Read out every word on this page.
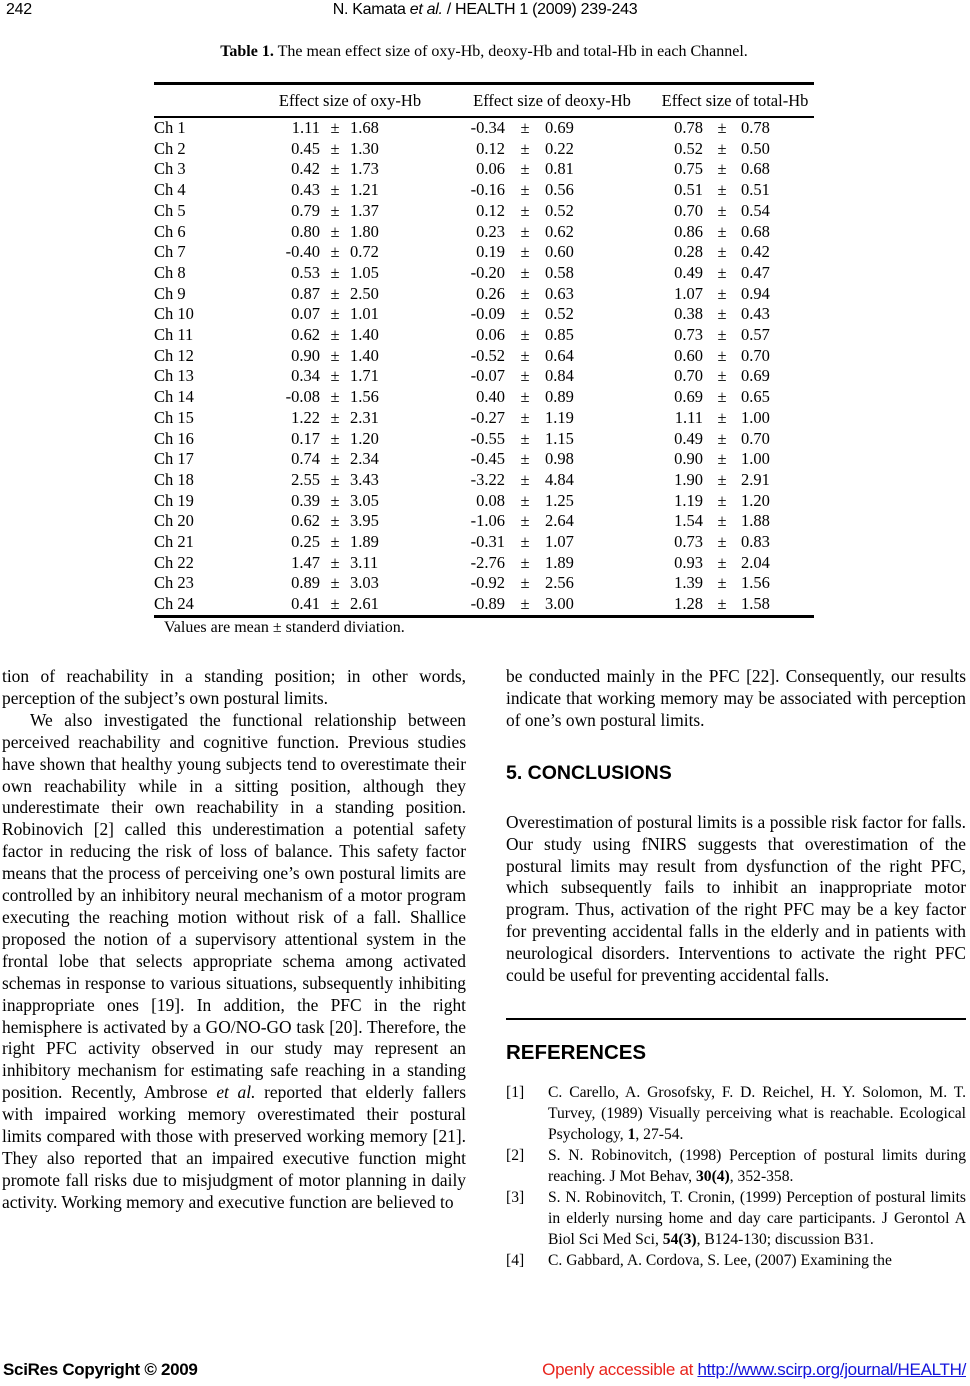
242	N. Kamata et al. / HEALTH 1 (2009) 239-243
Table 1. The mean effect size of oxy-Hb, deoxy-Hb and total-Hb in each Channel.
Effect size of oxy-Hb	Effect size of deoxy-Hb Effect size of total-Hb
Ch 1	1.11	±	1.68	-0.34	±	0.69	0.78	±	0.78
Ch 2	0.45	±	1.30	0.12	±	0.22	0.52	±	0.50
Ch 3	0.42	±	1.73	0.06	±	0.81	0.75	±	0.68
Ch 4	0.43	±	1.21	-0.16	±	0.56	0.51	±	0.51
Ch 5	0.79	±	1.37	0.12	±	0.52	0.70	±	0.54
Ch 6	0.80	±	1.80	0.23	±	0.62	0.86	±	0.68
Ch 7	-0.40	±	0.72	0.19	±	0.60	0.28	±	0.42
Ch 8	0.53	±	1.05	-0.20	±	0.58	0.49	±	0.47
Ch 9	0.87	±	2.50	0.26	±	0.63	1.07	±	0.94
Ch 10	0.07	±	1.01	-0.09	±	0.52	0.38	±	0.43
Ch 11	0.62	±	1.40	0.06	±	0.85	0.73	±	0.57
Ch 12	0.90	±	1.40	-0.52	±	0.64	0.60	±	0.70
Ch 13	0.34	±	1.71	-0.07	±	0.84	0.70	±	0.69
Ch 14	-0.08	±	1.56	0.40	±	0.89	0.69	±	0.65
Ch 15	1.22	±	2.31	-0.27	±	1.19	1.11	±	1.00
Ch 16	0.17	±	1.20	-0.55	±	1.15	0.49	±	0.70
Ch 17	0.74	±	2.34	-0.45	±	0.98	0.90	±	1.00
Ch 18	2.55	±	3.43	-3.22	±	4.84	1.90	±	2.91
Ch 19	0.39	±	3.05	0.08	±	1.25	1.19	±	1.20
Ch 20	0.62	±	3.95	-1.06	±	2.64	1.54	±	1.88
Ch 21	0.25	±	1.89	-0.31	±	1.07	0.73	±	0.83
Ch 22	1.47	±	3.11	-2.76	±	1.89	0.93	±	2.04
Ch 23	0.89	±	3.03	-0.92	±	2.56	1.39	±	1.56
Ch 24	0.41	±	2.61	-0.89	±	3.00	1.28	±	1.58
Values are mean ± standerd diviation.

tion of reachability in a standing position; in other words, perception of the subject’s own postural limits.

We also investigated the functional relationship between perceived reachability and cognitive function. Previous studies have shown that healthy young subjects tend to overestimate their own reachability while in a sitting position, although they underestimate their own reachability in a standing position. Robinovich [2] called this underestimation a potential safety factor in reducing the risk of loss of balance. This safety factor means that the process of perceiving one’s own postural limits are controlled by an inhibitory neural mechanism of a motor program executing the reaching motion without risk of a fall. Shallice proposed the notion of a supervisory attentional system in the frontal lobe that selects appropriate schema among activated schemas in response to various situations, subsequently inhibiting inappropriate ones [19]. In addition, the PFC in the right hemisphere is activated by a GO/NO-GO task [20]. Therefore, the right PFC activity observed in our study may represent an inhibitory mechanism for estimating safe reaching in a standing position. Recently, Ambrose et al. reported that elderly fallers with impaired working memory overestimated their postural limits compared with those with preserved working memory [21]. They also reported that an impaired executive function might promote fall risks due to misjudgment of motor planning in daily activity. Working memory and executive function are believed to

be conducted mainly in the PFC [22]. Consequently, our results indicate that working memory may be associated with perception of one’s own postural limits.

5. CONCLUSIONS

Overestimation of postural limits is a possible risk factor for falls. Our study using fNIRS suggests that overestimation of the postural limits may result from dysfunction of the right PFC, which subsequently fails to inhibit an inappropriate motor program. Thus, activation of the right PFC may be a key factor for preventing accidental falls in the elderly and in patients with neurological disorders. Interventions to activate the right PFC could be useful for preventing accidental falls.

REFERENCES
[1] C. Carello, A. Grosofsky, F. D. Reichel, H. Y. Solomon, M. T. Turvey, (1989) Visually perceiving what is reachable. Ecological Psychology, 1, 27-54.
[2] S. N. Robinovitch, (1998) Perception of postural limits during reaching. J Mot Behav, 30(4), 352-358.
[3] S. N. Robinovitch, T. Cronin, (1999) Perception of postural limits in elderly nursing home and day care participants. J Gerontol A Biol Sci Med Sci, 54(3), B124-130; discussion B31.
[4] C. Gabbard, A. Cordova, S. Lee, (2007) Examining the
SciRes Copyright © 2009	Openly accessible at http://www.scirp.org/journal/HEALTH/
